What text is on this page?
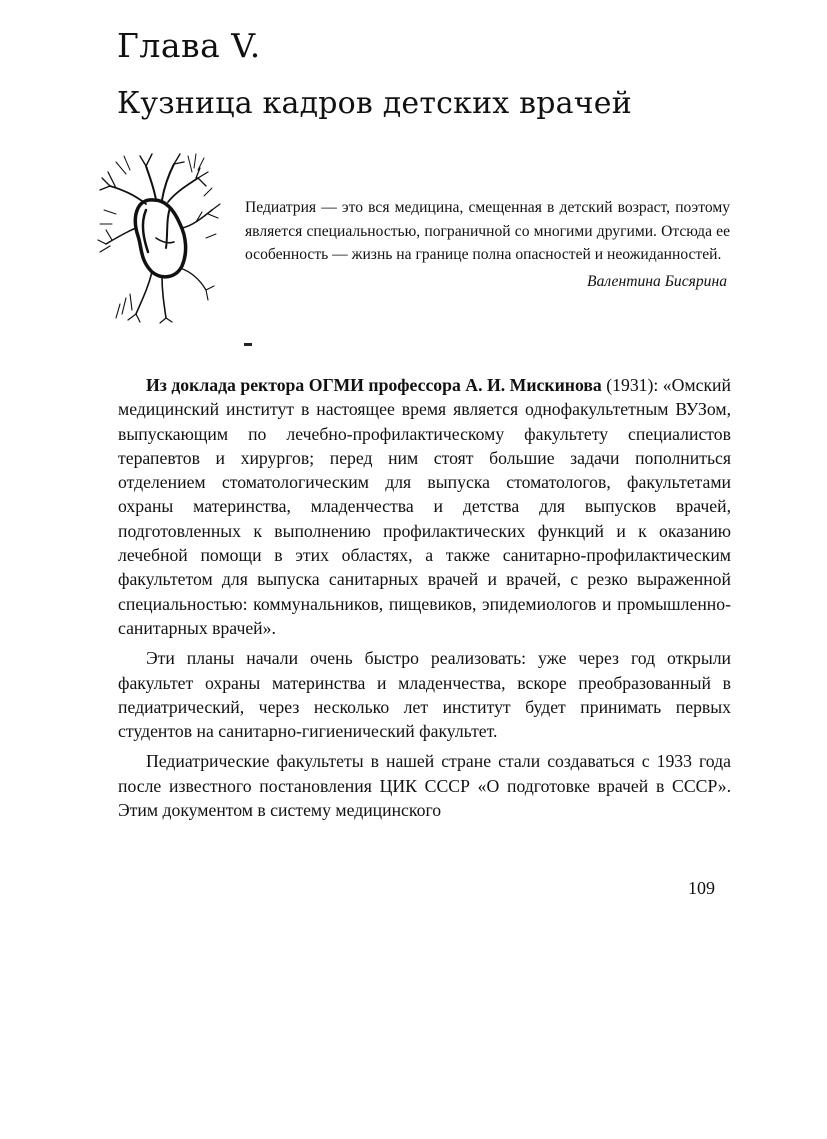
Глава V.
Кузница кадров детских врачей
Педиатрия — это вся медицина, смещенная в детский возраст, поэтому является специальностью, пограничной со многими другими. Отсюда ее особенность — жизнь на границе полна опасностей и неожиданностей.
Валентина Бисярина

Из доклада ректора ОГМИ профессора А. И. Мискинова (1931): «Омский медицинский институт в настоящее время является однофакультетным ВУЗом, выпускающим по лечебно-профилактическому факультету специалистов терапевтов и хирургов; перед ним стоят большие задачи пополниться отделением стоматологическим для выпуска стоматологов, факультетами охраны материнства, младенчества и детства для выпусков врачей, подготовленных к выполнению профилактических функций и к оказанию лечебной помощи в этих областях, а также санитарно-профилактическим факультетом для выпуска санитарных врачей и врачей, с резко выраженной специальностью: коммунальников, пищевиков, эпидемиологов и промышленно-санитарных врачей».

Эти планы начали очень быстро реализовать: уже через год открыли факультет охраны материнства и младенчества, вскоре преобразованный в педиатрический, через несколько лет институт будет принимать первых студентов на санитарно-гигиенический факультет.

Педиатрические факультеты в нашей стране стали создаваться с 1933 года после известного постановления ЦИК СССР «О подготовке врачей в СССР». Этим документом в систему медицинского

109
